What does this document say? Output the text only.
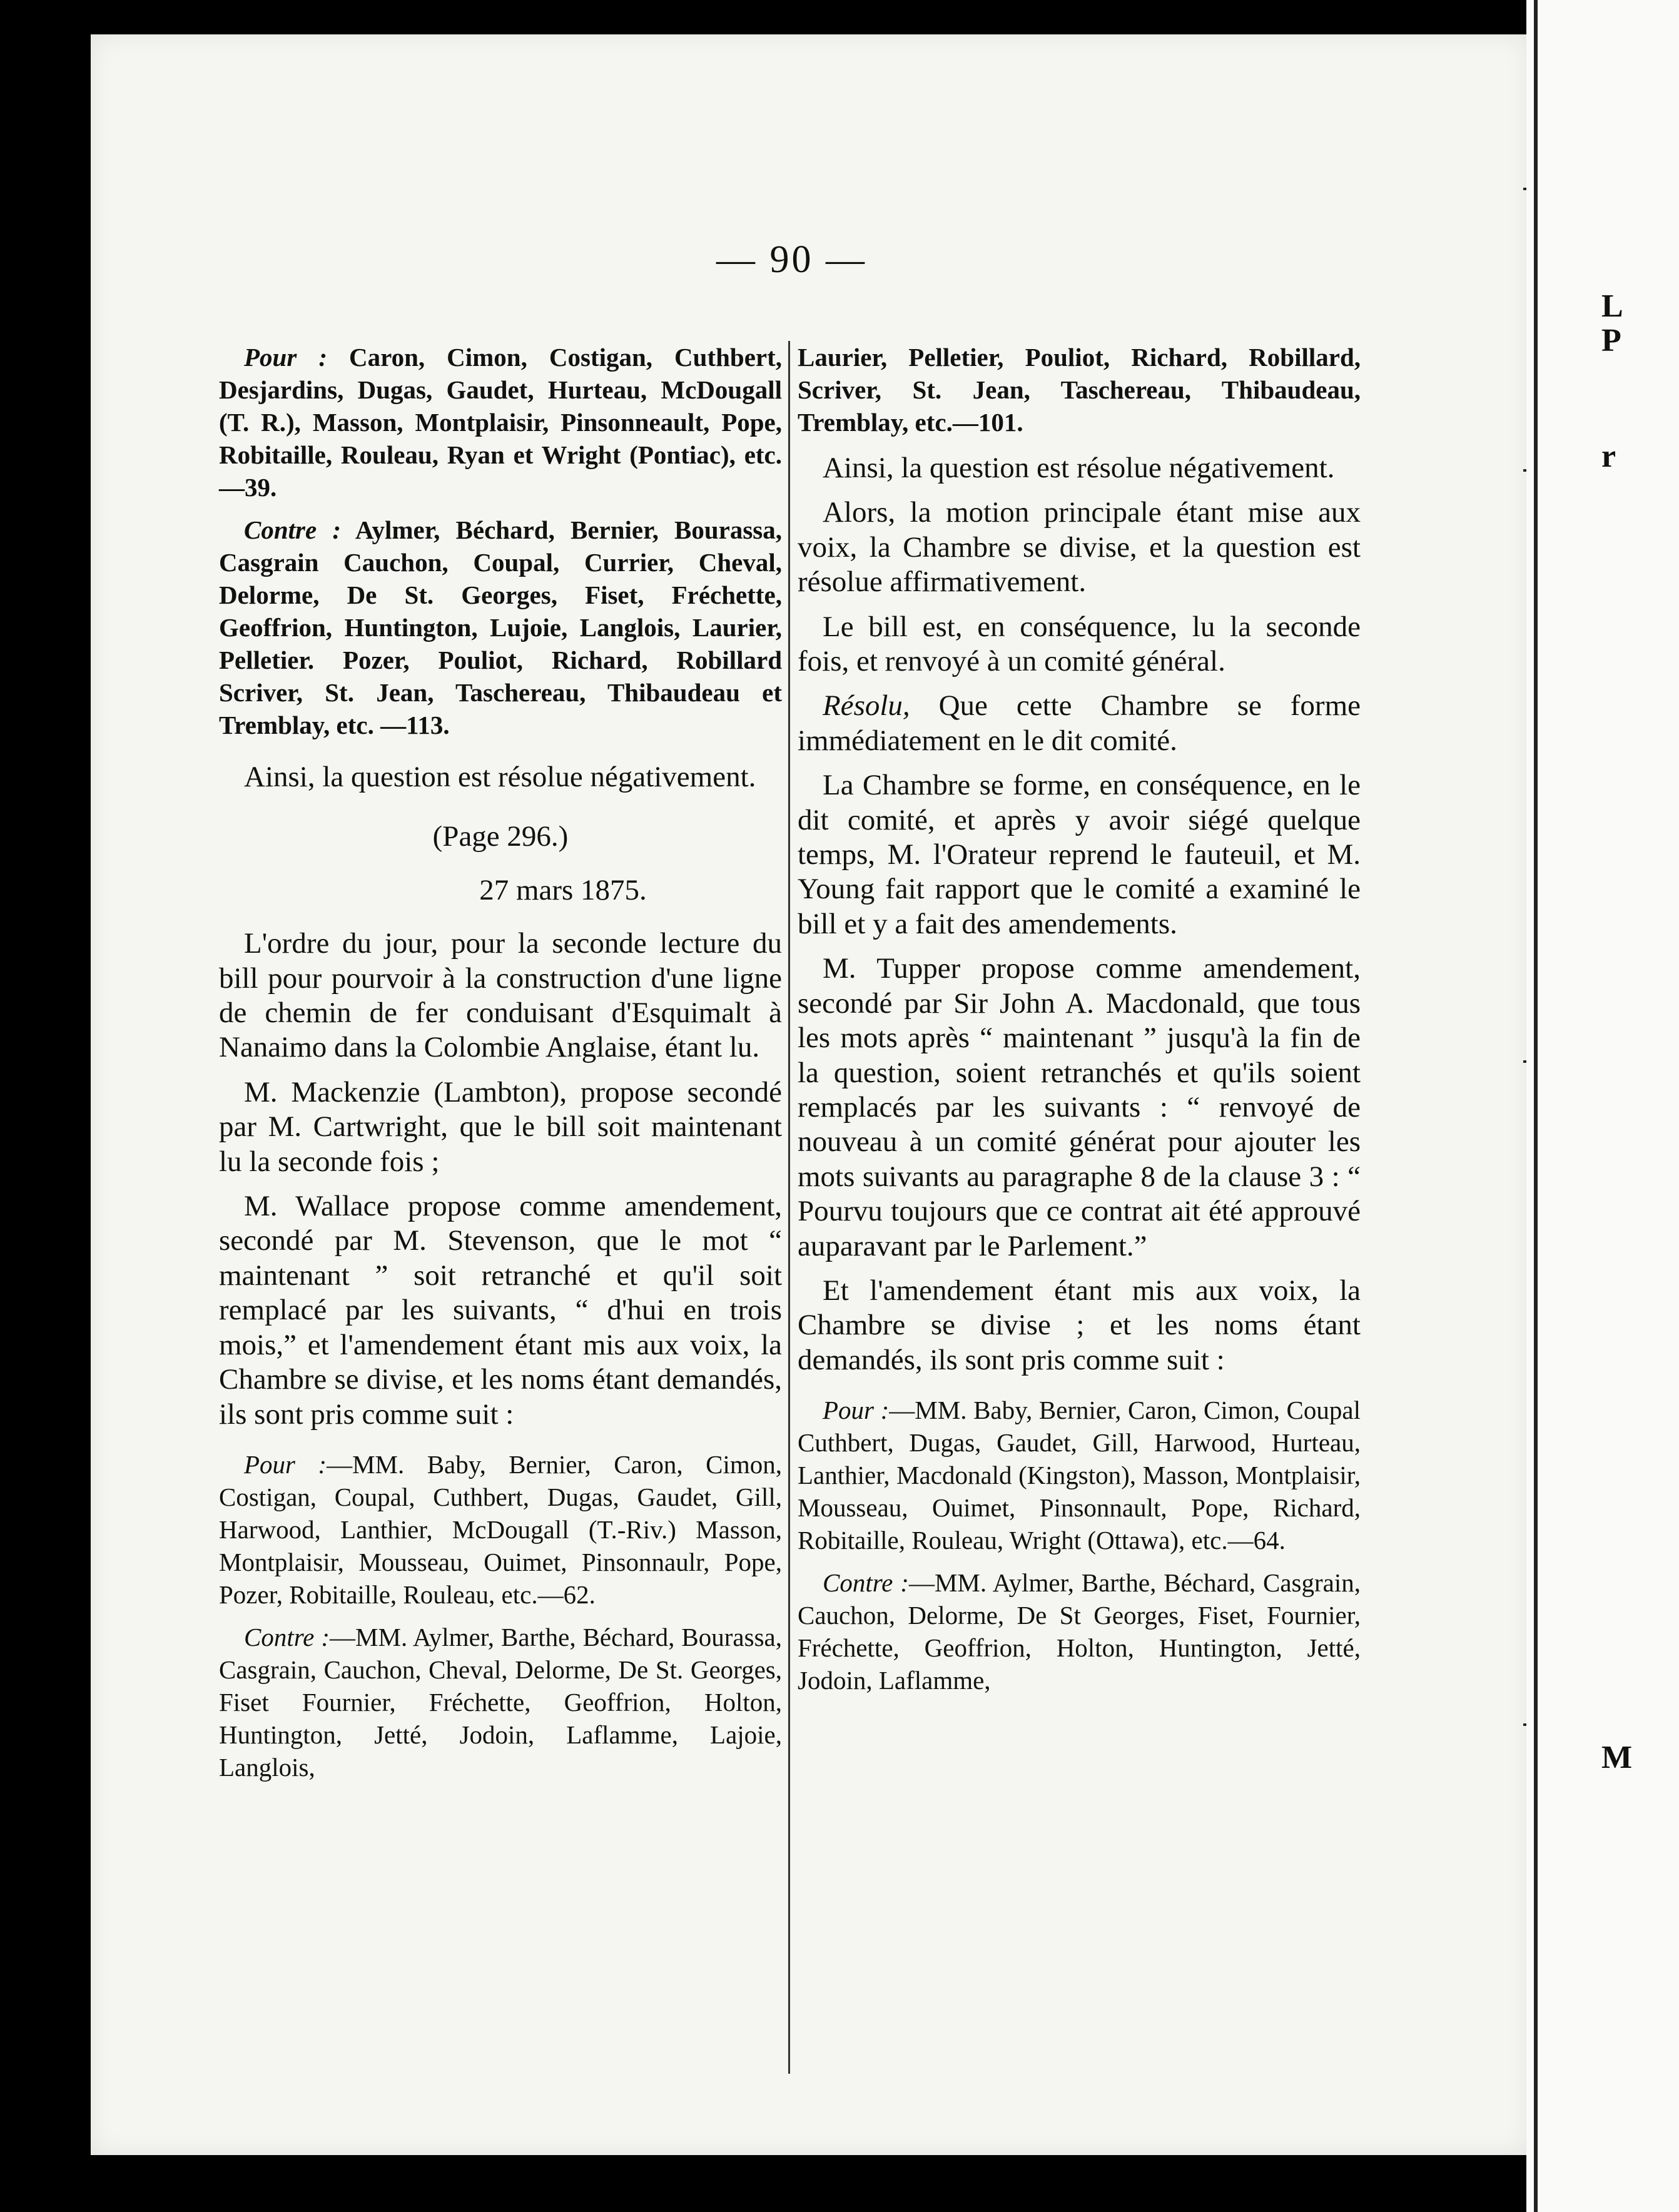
— 90 —

Pour : Caron, Cimon, Costigan, Cuthbert, Desjardins, Dugas, Gaudet, Hurteau, McDougall (T. R.), Masson, Montplaisir, Pinsonneault, Pope, Robitaille, Rouleau, Ryan et Wright (Pontiac), etc.—39.

Contre : Aylmer, Béchard, Bernier, Bourassa, Casgrain Cauchon, Coupal, Currier, Cheval, Delorme, De St. Georges, Fiset, Fréchette, Geoffrion, Huntington, Lujoie, Langlois, Laurier, Pelletier. Pozer, Pouliot, Richard, Robillard Scriver, St. Jean, Taschereau, Thibaudeau et Tremblay, etc. —113.

Ainsi, la question est résolue négativement.

(Page 296.)

27 mars 1875.

L'ordre du jour, pour la seconde lecture du bill pour pourvoir à la construction d'une ligne de chemin de fer conduisant d'Esquimalt à Nanaimo dans la Colombie Anglaise, étant lu.

M. Mackenzie (Lambton), propose secondé par M. Cartwright, que le bill soit maintenant lu la seconde fois ;

M. Wallace propose comme amendement, secondé par M. Stevenson, que le mot “ maintenant ” soit retranché et qu'il soit remplacé par les suivants, “ d'hui en trois mois,” et l'amendement étant mis aux voix, la Chambre se divise, et les noms étant demandés, ils sont pris comme suit :

Pour :—MM. Baby, Bernier, Caron, Cimon, Costigan, Coupal, Cuthbert, Dugas, Gaudet, Gill, Harwood, Lanthier, McDougall (T.-Riv.) Masson, Montplaisir, Mousseau, Ouimet, Pinsonnaulr, Pope, Pozer, Robitaille, Rouleau, etc.—62.

Contre :—MM. Aylmer, Barthe, Béchard, Bourassa, Casgrain, Cauchon, Cheval, Delorme, De St. Georges, Fiset Fournier, Fréchette, Geoffrion, Holton, Huntington, Jetté, Jodoin, Laflamme, Lajoie, Langlois,

Laurier, Pelletier, Pouliot, Richard, Robillard, Scriver, St. Jean, Taschereau, Thibaudeau, Tremblay, etc.—101.

Ainsi, la question est résolue négativement.

Alors, la motion principale étant mise aux voix, la Chambre se divise, et la question est résolue affirmativement.

Le bill est, en conséquence, lu la seconde fois, et renvoyé à un comité général.

Résolu, Que cette Chambre se forme immédiatement en le dit comité.

La Chambre se forme, en conséquence, en le dit comité, et après y avoir siégé quelque temps, M. l'Orateur reprend le fauteuil, et M. Young fait rapport que le comité a examiné le bill et y a fait des amendements.

M. Tupper propose comme amendement, secondé par Sir John A. Macdonald, que tous les mots après “ maintenant ” jusqu'à la fin de la question, soient retranchés et qu'ils soient remplacés par les suivants : “ renvoyé de nouveau à un comité générat pour ajouter les mots suivants au paragraphe 8 de la clause 3 : “ Pourvu toujours que ce contrat ait été approuvé auparavant par le Parlement.”

Et l'amendement étant mis aux voix, la Chambre se divise ; et les noms étant demandés, ils sont pris comme suit :

Pour :—MM. Baby, Bernier, Caron, Cimon, Coupal Cuthbert, Dugas, Gaudet, Gill, Harwood, Hurteau, Lanthier, Macdonald (Kingston), Masson, Montplaisir, Mousseau, Ouimet, Pinsonnault, Pope, Richard, Robitaille, Rouleau, Wright (Ottawa), etc.—64.

Contre :—MM. Aylmer, Barthe, Béchard, Casgrain, Cauchon, Delorme, De St Georges, Fiset, Fournier, Fréchette, Geoffrion, Holton, Huntington, Jetté, Jodoin, Laflamme,

L
P
r
M
